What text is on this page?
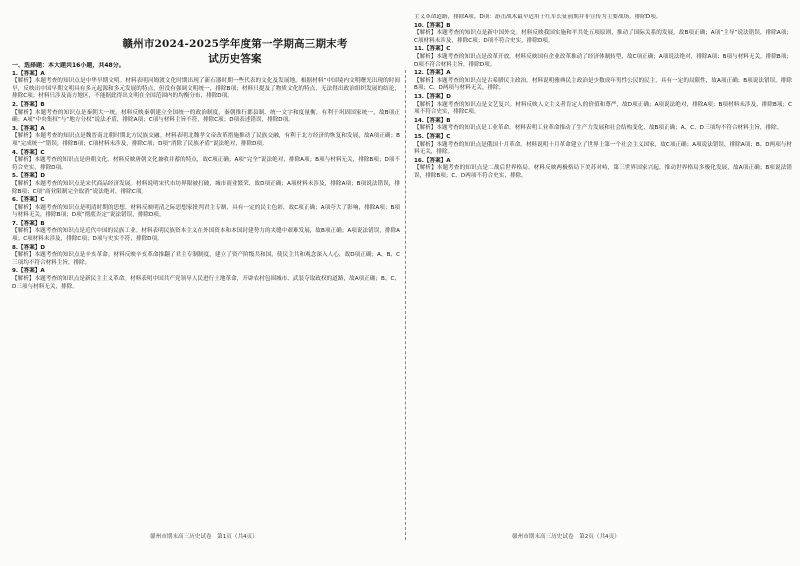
赣州市2024-2025学年度第一学期高三期末考试历史答案
一、选择题：本大题共16小题，共48分。
1.【答案】A
【解析】本题考查的知识点是中华早期文明。材料表明河姆渡文化时期出现了新石器时期一些代表的文化及发展地，根据材料“中国境内文明曙光出现的时间早，反映出中国早期文明具有多元起源和多元发展的特点，但没有强调文明统一，排除B项；材料只提及了物质文化的特点，无法得出政治组织发展的结论，排除C项；材料只涉及南方地区，不能据此得出文明在全国范围内的均衡分布，排除D项。
2.【答案】B
【解析】本题考查的知识点是秦朝大一统。材料反映秦朝建立全国统一的政治制度，秦朝推行郡县制、统一文字和度量衡，有利于巩固国家统一，故B项正确；A项“中央集权”与“地方分权”说法矛盾，排除A项；C项与材料主旨不符，排除C项；D项表述错误，排除D项。
3.【答案】A
【解析】本题考查的知识点是魏晋南北朝时期北方民族交融。材料表明北魏孝文帝改革措施推动了民族交融，有利于北方经济的恢复和发展，故A项正确；B项“完成统一”错误，排除B项；C项材料未涉及，排除C项；D项“消除了民族矛盾”说法绝对，排除D项。
4.【答案】C
【解析】本题考查的知识点是唐朝文化。材料反映唐朝文化兼收并蓄的特点，故C项正确；A项“完全”说法绝对，排除A项；B项与材料无关，排除B项；D项不符合史实，排除D项。
5.【答案】D
【解析】本题考查的知识点是宋代商品经济发展。材料说明宋代市坊界限被打破，城市商业繁荣，故D项正确；A项材料未涉及，排除A项；B项说法错误，排除B项；C项“商业限制完全取消”说法绝对，排除C项。
6.【答案】C
【解析】本题考查的知识点是明清时期的思想。材料反映明清之际思想家批判君主专制，具有一定的民主色彩，故C项正确；A项夸大了影响，排除A项；B项与材料无关，排除B项；D项“彻底否定”说法错误，排除D项。
7.【答案】B
【解析】本题考查的知识点是近代中国的民族工业。材料表明民族资本主义在外国资本和本国封建势力的夹缝中艰难发展，故B项正确；A项说法错误，排除A项；C项材料未涉及，排除C项；D项与史实不符，排除D项。
8.【答案】D
【解析】本题考查的知识点是辛亥革命。材料反映辛亥革命推翻了君主专制制度，建立了资产阶级共和国，使民主共和观念深入人心，故D项正确；A、B、C三项均不符合材料主旨，排除。
9.【答案】A
【解析】本题考查的知识点是新民主主义革命。材料表明中国共产党领导人民进行土地革命，开辟农村包围城市、武装夺取政权的道路，故A项正确；B、C、D三项与材料无关，排除。
主义革命道路，排除A项。D项：游击战术最早适用于红军长征前期并非宣传为主要战场，排除D项。
10.【答案】B
【解析】本题考查的知识点是新中国外交。材料反映我国实施和平共处五项原则，推动了国际关系的发展，故B项正确；A项“主导”说法错误，排除A项；C项材料未涉及，排除C项；D项不符合史实，排除D项。
11.【答案】C
【解析】本题考查的知识点是改革开放。材料反映国有企业改革推动了经济体制转型，故C项正确；A项说法绝对，排除A项；B项与材料无关，排除B项；D项不符合材料主旨，排除D项。
12.【答案】A
【解析】本题考查的知识点是古希腊民主政治。材料说明雅典民主政治是少数成年男性公民的民主，具有一定的局限性，故A项正确；B项说法错误，排除B项；C、D两项与材料无关，排除。
13.【答案】D
【解析】本题考查的知识点是文艺复兴。材料反映人文主义者肯定人的价值和尊严，故D项正确；A项说法绝对，排除A项；B项材料未涉及，排除B项；C项不符合史实，排除C项。
14.【答案】B
【解析】本题考查的知识点是工业革命。材料表明工业革命推动了生产力发展和社会结构变化，故B项正确；A、C、D三项均不符合材料主旨，排除。
15.【答案】C
【解析】本题考查的知识点是俄国十月革命。材料说明十月革命建立了世界上第一个社会主义国家，故C项正确；A项说法错误，排除A项；B、D两项与材料无关，排除。
16.【答案】A
【解析】本题考查的知识点是二战后世界格局。材料反映两极格局下美苏对峙，第三世界国家兴起，推动世界格局多极化发展，故A项正确；B项说法错误，排除B项；C、D两项不符合史实，排除。
赣州市期末高三历史试卷　第1页（共4页）	赣州市期末高三历史试卷　第2页（共4页）
